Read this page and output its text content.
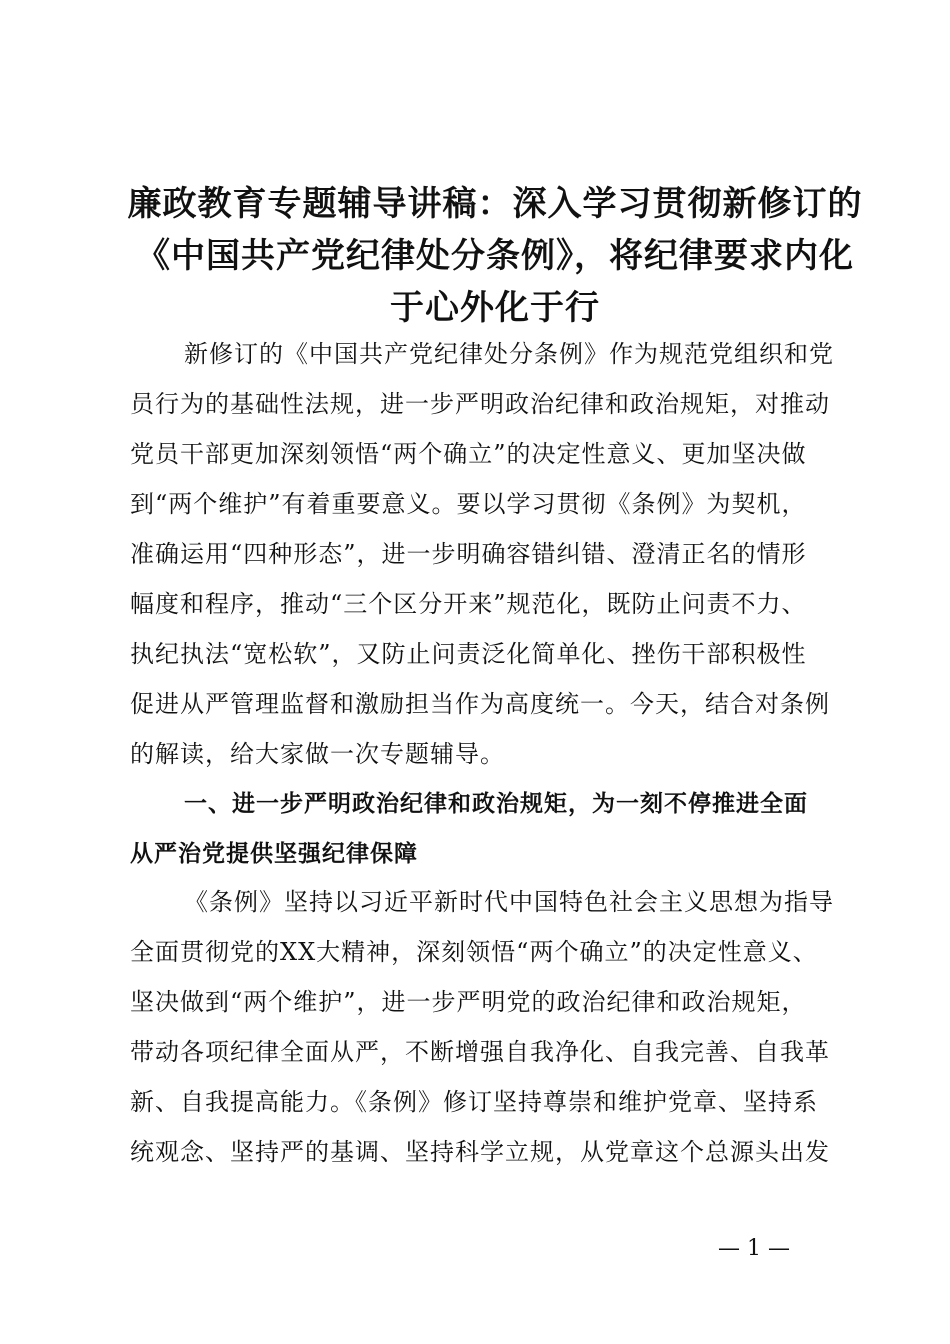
廉政教育专题辅导讲稿：深入学习贯彻新修订的
《中国共产党纪律处分条例》，将纪律要求内化
于心外化于行
新修订的《中国共产党纪律处分条例》作为规范党组织和党
员行为的基础性法规，进一步严明政治纪律和政治规矩，对推动
党员干部更加深刻领悟“两个确立”的决定性意义、更加坚决做
到“两个维护”有着重要意义。要以学习贯彻《条例》为契机，
准确运用“四种形态”，进一步明确容错纠错、澄清正名的情形
幅度和程序，推动“三个区分开来”规范化，既防止问责不力、
执纪执法“宽松软”，又防止问责泛化简单化、挫伤干部积极性
促进从严管理监督和激励担当作为高度统一。今天，结合对条例
的解读，给大家做一次专题辅导。
一、进一步严明政治纪律和政治规矩，为一刻不停推进全面
从严治党提供坚强纪律保障
《条例》坚持以习近平新时代中国特色社会主义思想为指导
全面贯彻党的XX大精神，深刻领悟“两个确立”的决定性意义、
坚决做到“两个维护”，进一步严明党的政治纪律和政治规矩，
带动各项纪律全面从严，不断增强自我净化、自我完善、自我革
新、自我提高能力。《条例》修订坚持尊崇和维护党章、坚持系
统观念、坚持严的基调、坚持科学立规，从党章这个总源头出发
— 1 —
